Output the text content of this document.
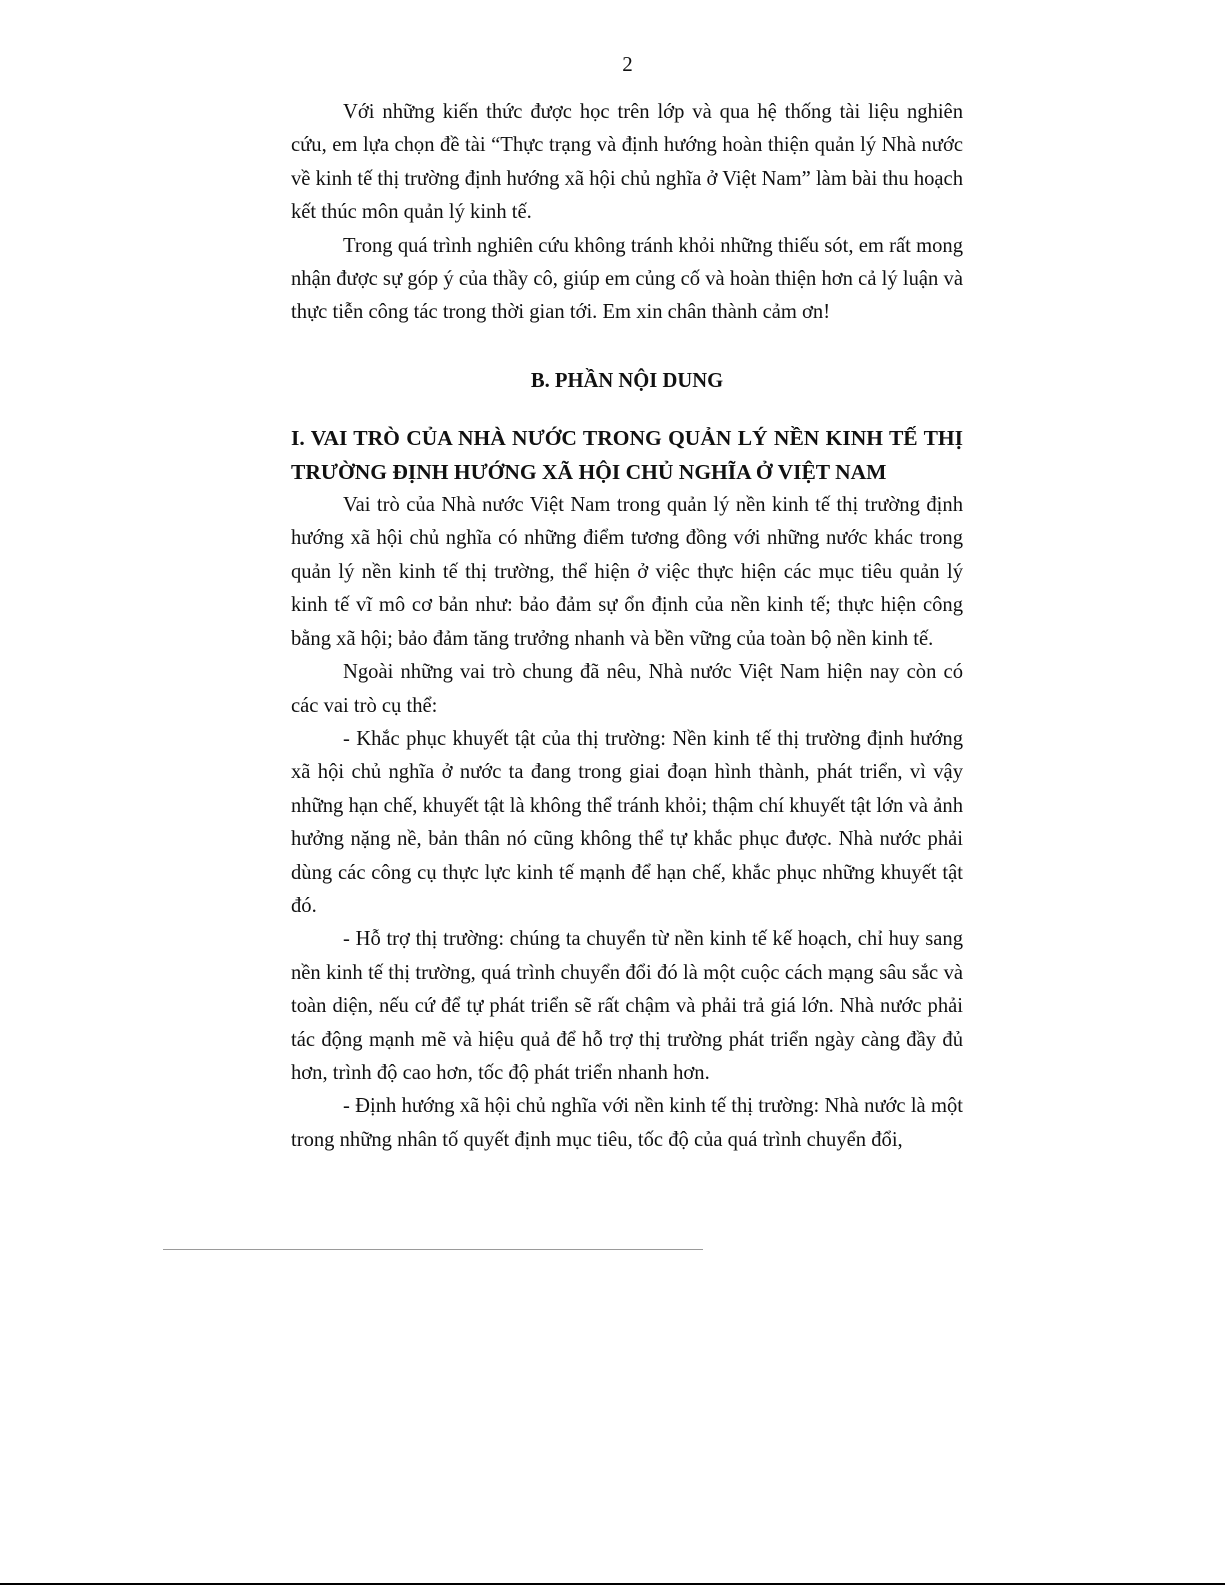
2

Với những kiến thức được học trên lớp và qua hệ thống tài liệu nghiên cứu, em lựa chọn đề tài “Thực trạng và định hướng hoàn thiện quản lý Nhà nước về kinh tế thị trường định hướng xã hội chủ nghĩa ở Việt Nam” làm bài thu hoạch kết thúc môn quản lý kinh tế.

Trong quá trình nghiên cứu không tránh khỏi những thiếu sót, em rất mong nhận được sự góp ý của thầy cô, giúp em củng cố và hoàn thiện hơn cả lý luận và thực tiễn công tác trong thời gian tới. Em xin chân thành cảm ơn!

B. PHẦN NỘI DUNG
I. VAI TRÒ CỦA NHÀ NƯỚC TRONG QUẢN LÝ NỀN KINH TẾ THỊ TRƯỜNG ĐỊNH HƯỚNG XÃ HỘI CHỦ NGHĨA Ở VIỆT NAM

Vai trò của Nhà nước Việt Nam trong quản lý nền kinh tế thị trường định hướng xã hội chủ nghĩa có những điểm tương đồng với những nước khác trong quản lý nền kinh tế thị trường, thể hiện ở việc thực hiện các mục tiêu quản lý kinh tế vĩ mô cơ bản như: bảo đảm sự ổn định của nền kinh tế; thực hiện công bằng xã hội; bảo đảm tăng trưởng nhanh và bền vững của toàn bộ nền kinh tế.

Ngoài những vai trò chung đã nêu, Nhà nước Việt Nam hiện nay còn có các vai trò cụ thể:

- Khắc phục khuyết tật của thị trường: Nền kinh tế thị trường định hướng xã hội chủ nghĩa ở nước ta đang trong giai đoạn hình thành, phát triển, vì vậy những hạn chế, khuyết tật là không thể tránh khỏi; thậm chí khuyết tật lớn và ảnh hưởng nặng nề, bản thân nó cũng không thể tự khắc phục được. Nhà nước phải dùng các công cụ thực lực kinh tế mạnh để hạn chế, khắc phục những khuyết tật đó.

- Hỗ trợ thị trường: chúng ta chuyển từ nền kinh tế kế hoạch, chỉ huy sang nền kinh tế thị trường, quá trình chuyển đổi đó là một cuộc cách mạng sâu sắc và toàn diện, nếu cứ để tự phát triển sẽ rất chậm và phải trả giá lớn. Nhà nước phải tác động mạnh mẽ và hiệu quả để hỗ trợ thị trường phát triển ngày càng đầy đủ hơn, trình độ cao hơn, tốc độ phát triển nhanh hơn.

- Định hướng xã hội chủ nghĩa với nền kinh tế thị trường: Nhà nước là một trong những nhân tố quyết định mục tiêu, tốc độ của quá trình chuyển đổi,
